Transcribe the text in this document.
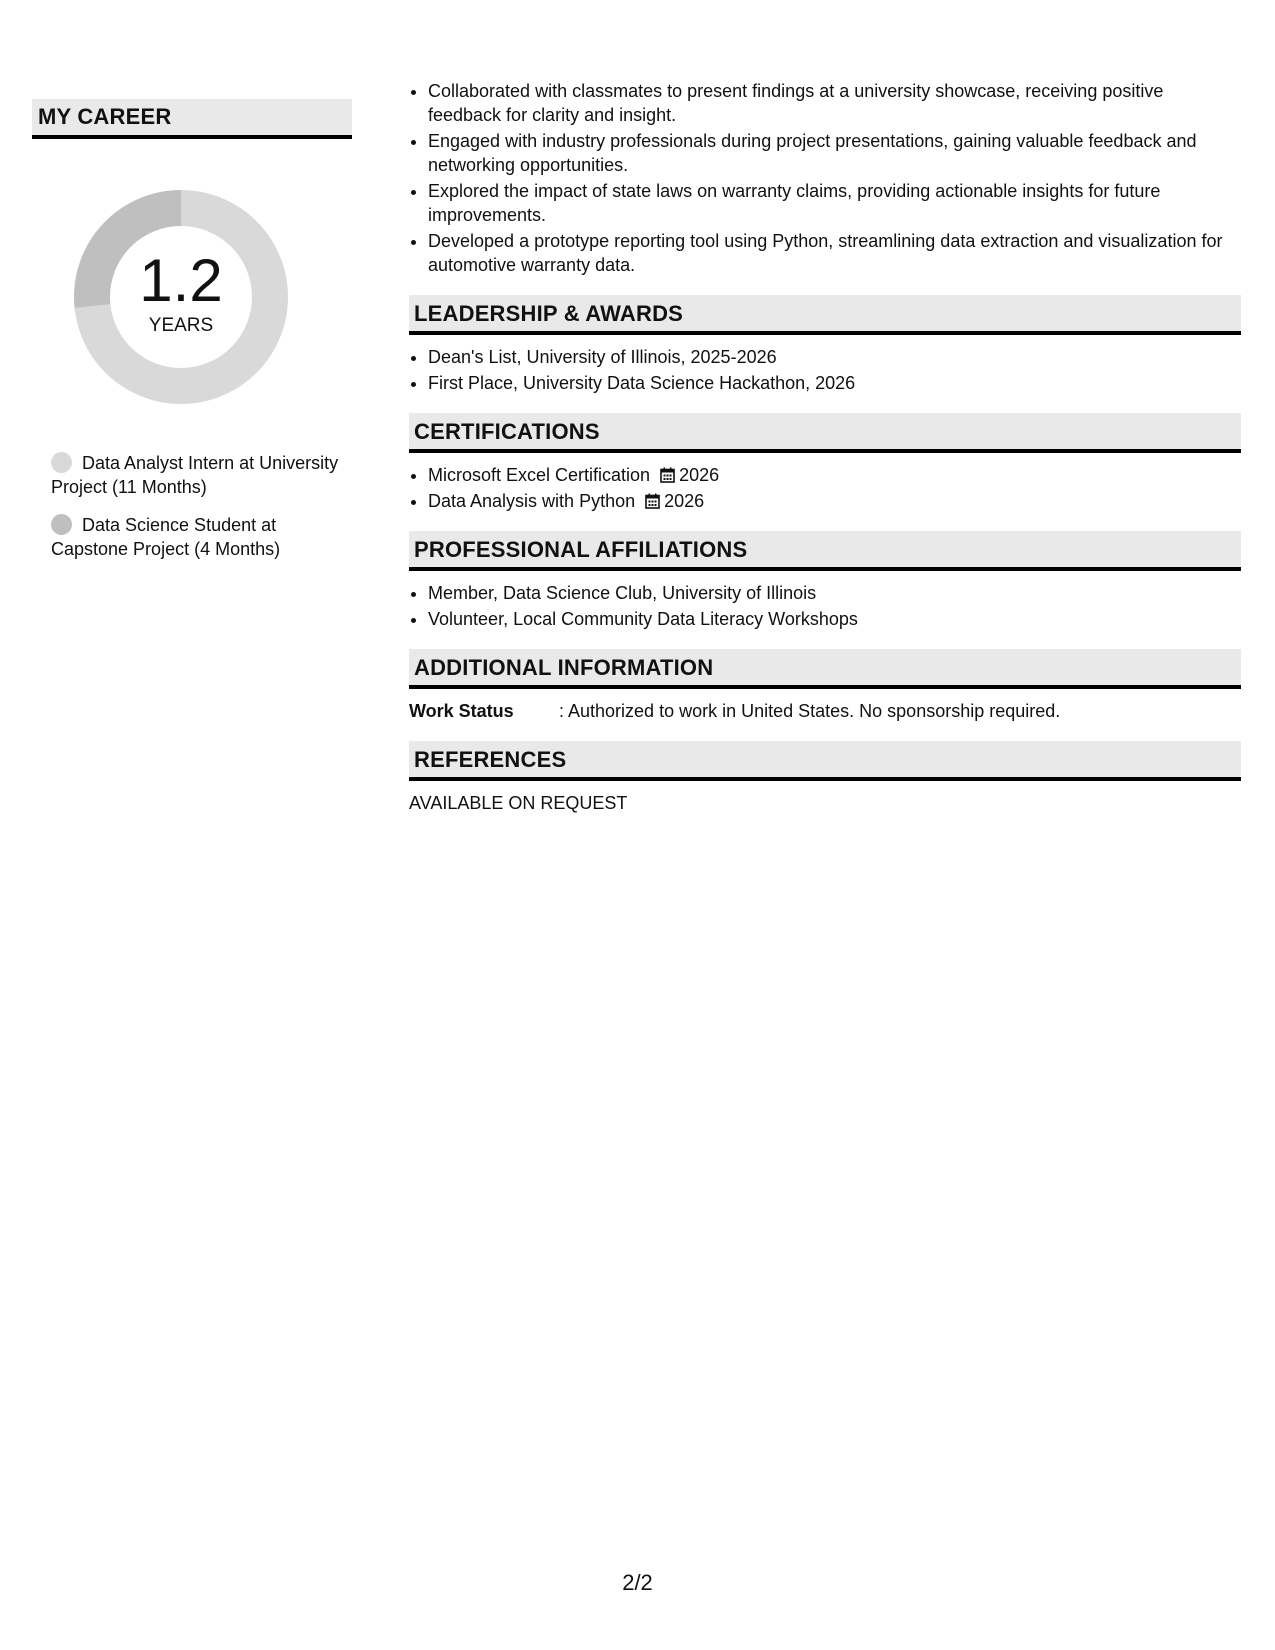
MY CAREER
1.2
YEARS
Data Analyst Intern at University Project (11 Months)
Data Science Student at Capstone Project (4 Months)
• Collaborated with classmates to present findings at a university showcase, receiving positive feedback for clarity and insight.
• Engaged with industry professionals during project presentations, gaining valuable feedback and networking opportunities.
• Explored the impact of state laws on warranty claims, providing actionable insights for future improvements.
• Developed a prototype reporting tool using Python, streamlining data extraction and visualization for automotive warranty data.
LEADERSHIP & AWARDS
• Dean's List, University of Illinois, 2025-2026
• First Place, University Data Science Hackathon, 2026
CERTIFICATIONS
• Microsoft Excel Certification 2026
• Data Analysis with Python 2026
PROFESSIONAL AFFILIATIONS
• Member, Data Science Club, University of Illinois
• Volunteer, Local Community Data Literacy Workshops
ADDITIONAL INFORMATION
Work Status	: Authorized to work in United States. No sponsorship required.
REFERENCES
AVAILABLE ON REQUEST
2/2
